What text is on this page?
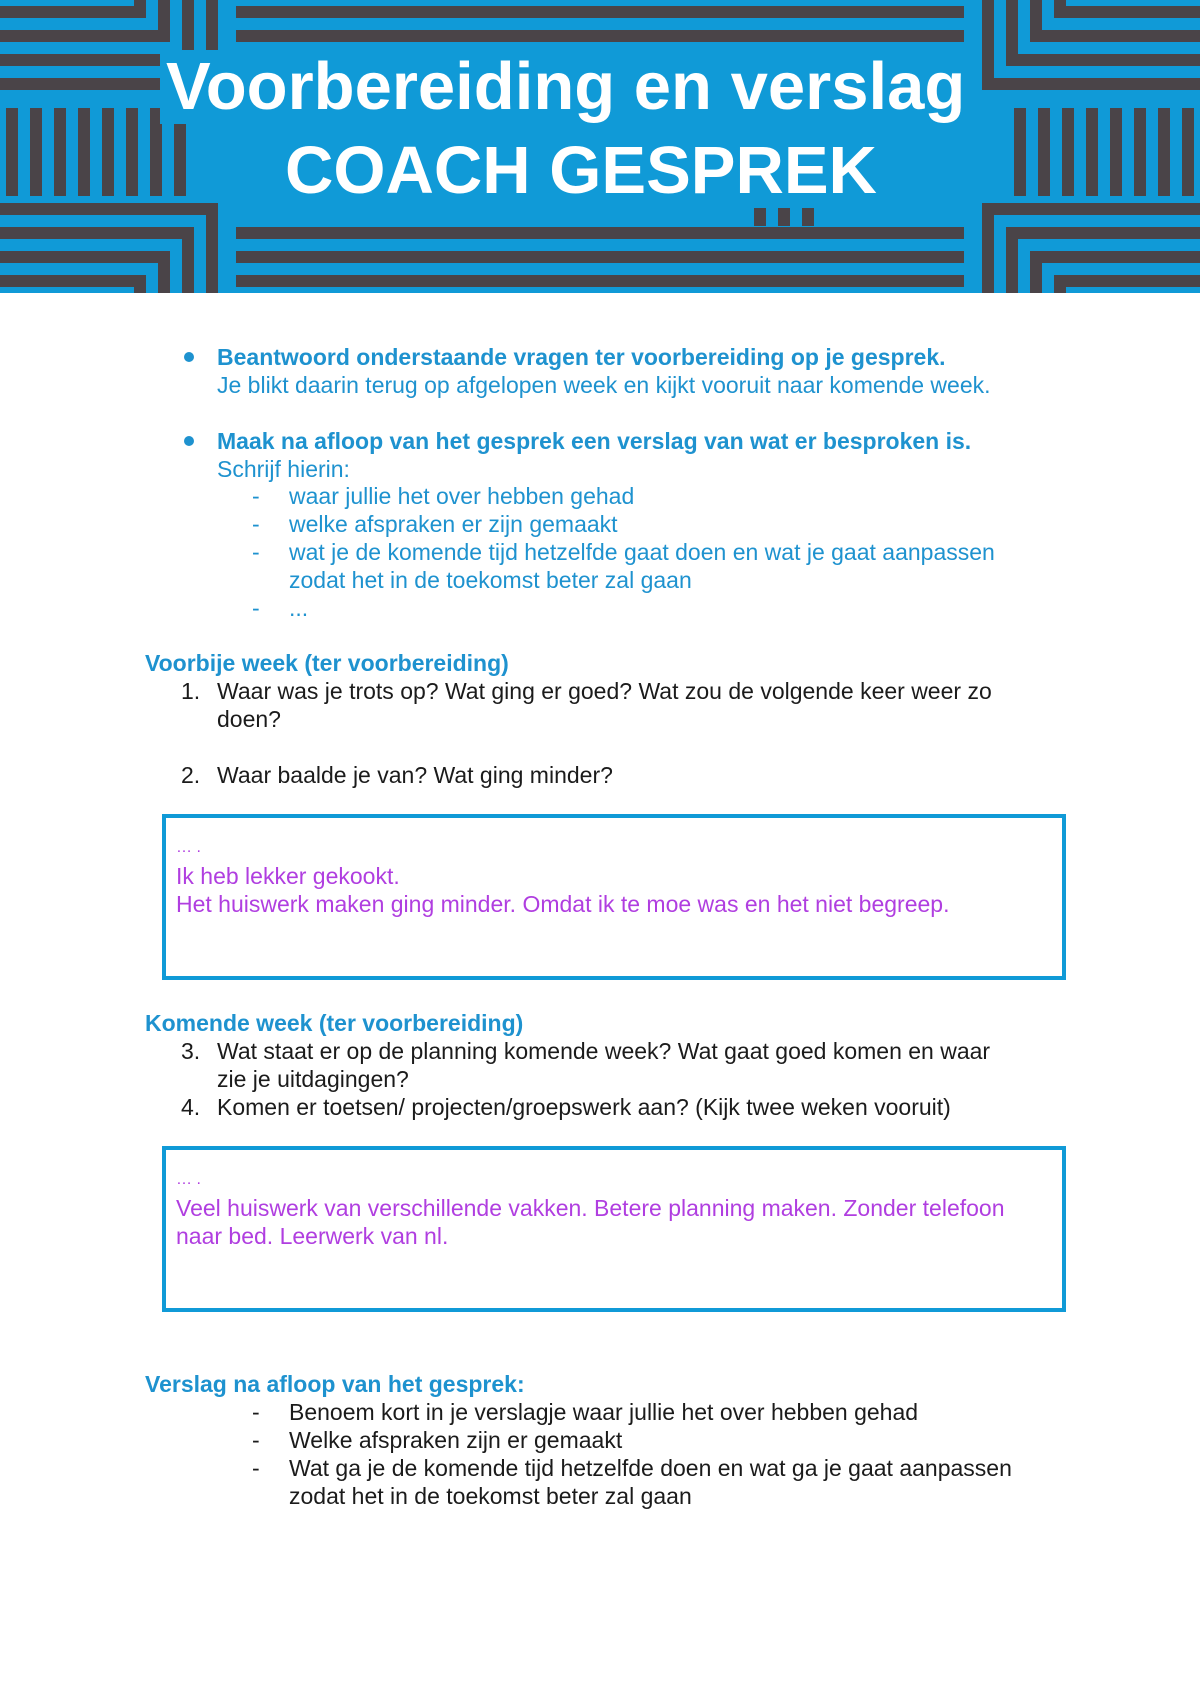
Voorbereiding en verslag
COACH GESPREK
Beantwoord onderstaande vragen ter voorbereiding op je gesprek.
Je blikt daarin terug op afgelopen week en kijkt vooruit naar komende week.
Maak na afloop van het gesprek een verslag van wat er besproken is.
Schrijf hierin:
- waar jullie het over hebben gehad
- welke afspraken er zijn gemaakt
- wat je de komende tijd hetzelfde gaat doen en wat je gaat aanpassen
zodat het in de toekomst beter zal gaan
- ...
Voorbije week (ter voorbereiding)
1. Waar was je trots op? Wat ging er goed? Wat zou de volgende keer weer zo
doen?
2. Waar baalde je van? Wat ging minder?
… .
Ik heb lekker gekookt.
Het huiswerk maken ging minder. Omdat ik te moe was en het niet begreep.
Komende week (ter voorbereiding)
3. Wat staat er op de planning komende week? Wat gaat goed komen en waar
zie je uitdagingen?
4. Komen er toetsen/ projecten/groepswerk aan? (Kijk twee weken vooruit)
… .
Veel huiswerk van verschillende vakken. Betere planning maken. Zonder telefoon
naar bed. Leerwerk van nl.
Verslag na afloop van het gesprek:
- Benoem kort in je verslagje waar jullie het over hebben gehad
- Welke afspraken zijn er gemaakt
- Wat ga je de komende tijd hetzelfde doen en wat ga je gaat aanpassen
zodat het in de toekomst beter zal gaan
